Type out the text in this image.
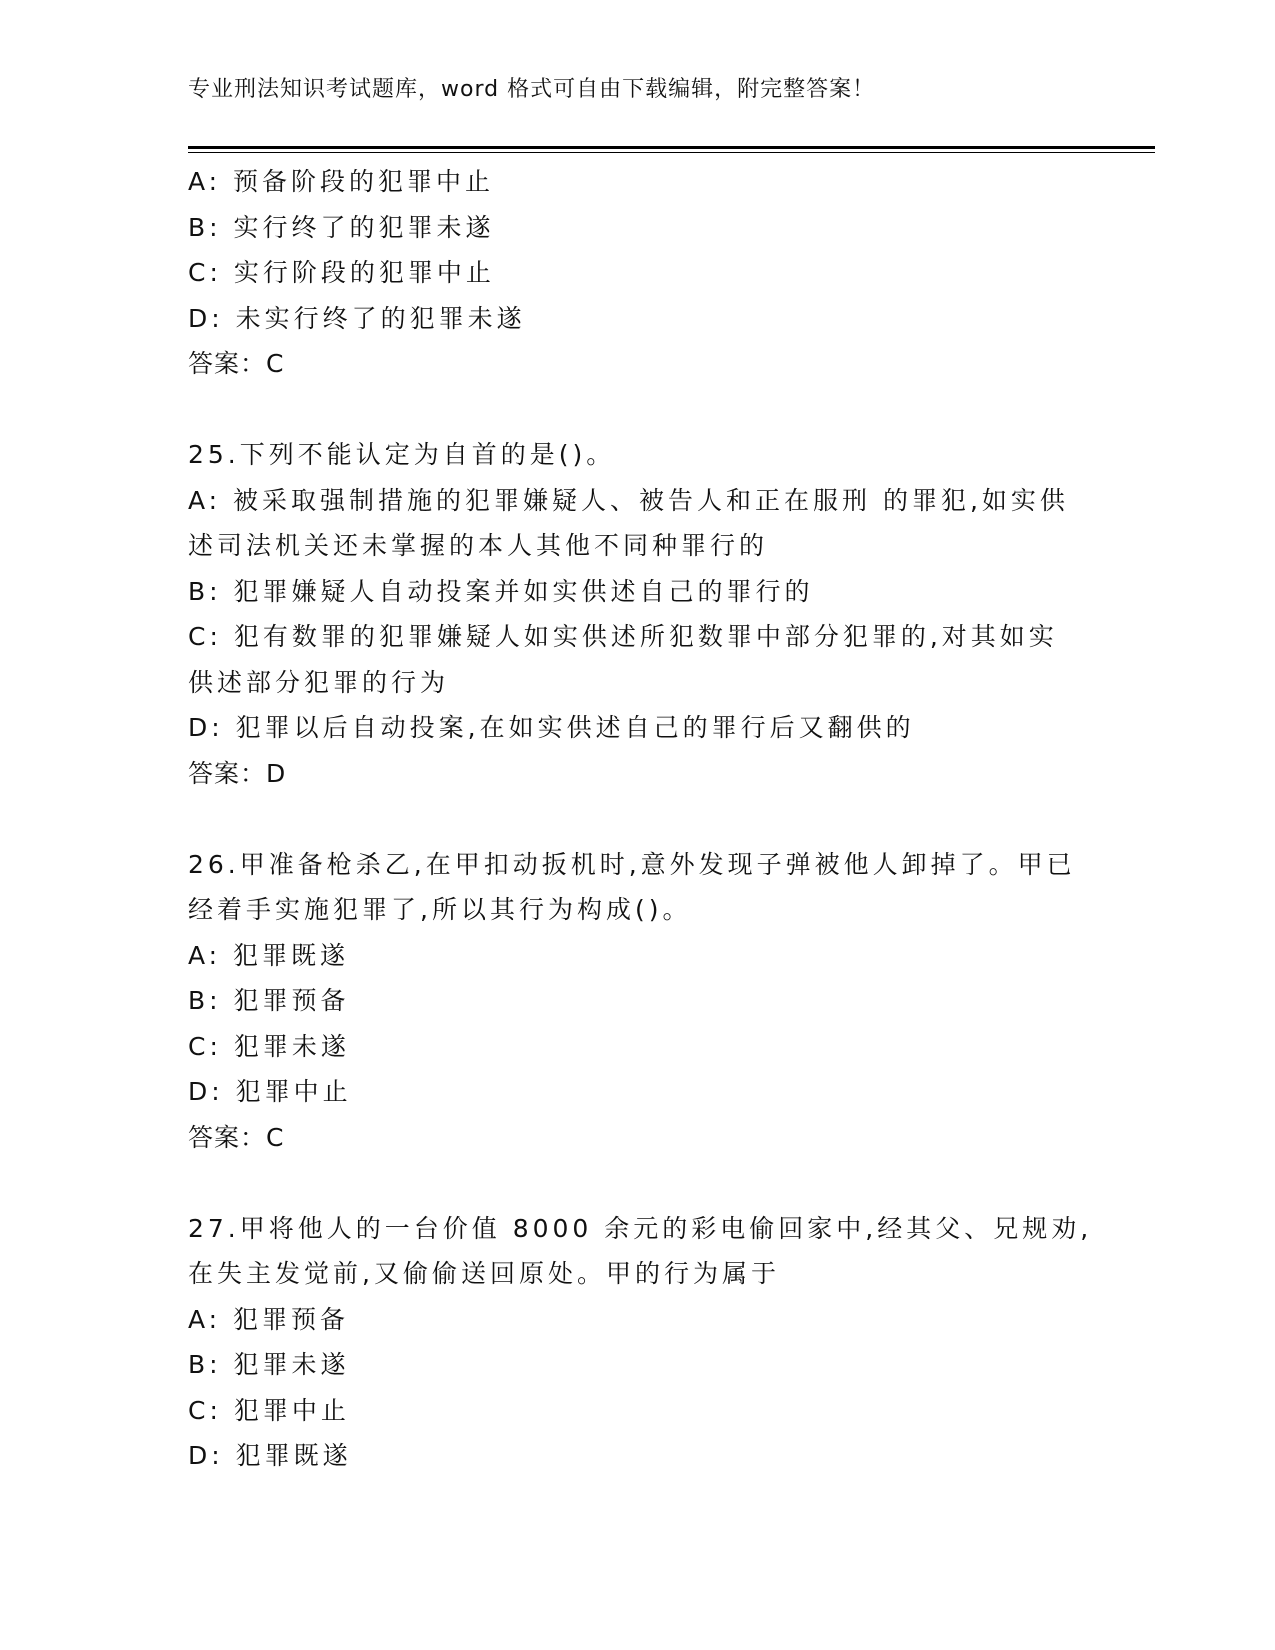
专业刑法知识考试题库，word 格式可自由下载编辑，附完整答案！
A: 预备阶段的犯罪中止
B: 实行终了的犯罪未遂
C: 实行阶段的犯罪中止
D: 未实行终了的犯罪未遂
答案：C
25.下列不能认定为自首的是()。
A: 被采取强制措施的犯罪嫌疑人、被告人和正在服刑 的罪犯,如实供
述司法机关还未掌握的本人其他不同种罪行的
B: 犯罪嫌疑人自动投案并如实供述自己的罪行的
C: 犯有数罪的犯罪嫌疑人如实供述所犯数罪中部分犯罪的,对其如实
供述部分犯罪的行为
D: 犯罪以后自动投案,在如实供述自己的罪行后又翻供的
答案：D
26.甲准备枪杀乙,在甲扣动扳机时,意外发现子弹被他人卸掉了。甲已
经着手实施犯罪了,所以其行为构成()。
A: 犯罪既遂
B: 犯罪预备
C: 犯罪未遂
D: 犯罪中止
答案：C
27.甲将他人的一台价值 8000 余元的彩电偷回家中,经其父、兄规劝,
在失主发觉前,又偷偷送回原处。甲的行为属于
A: 犯罪预备
B: 犯罪未遂
C: 犯罪中止
D: 犯罪既遂
